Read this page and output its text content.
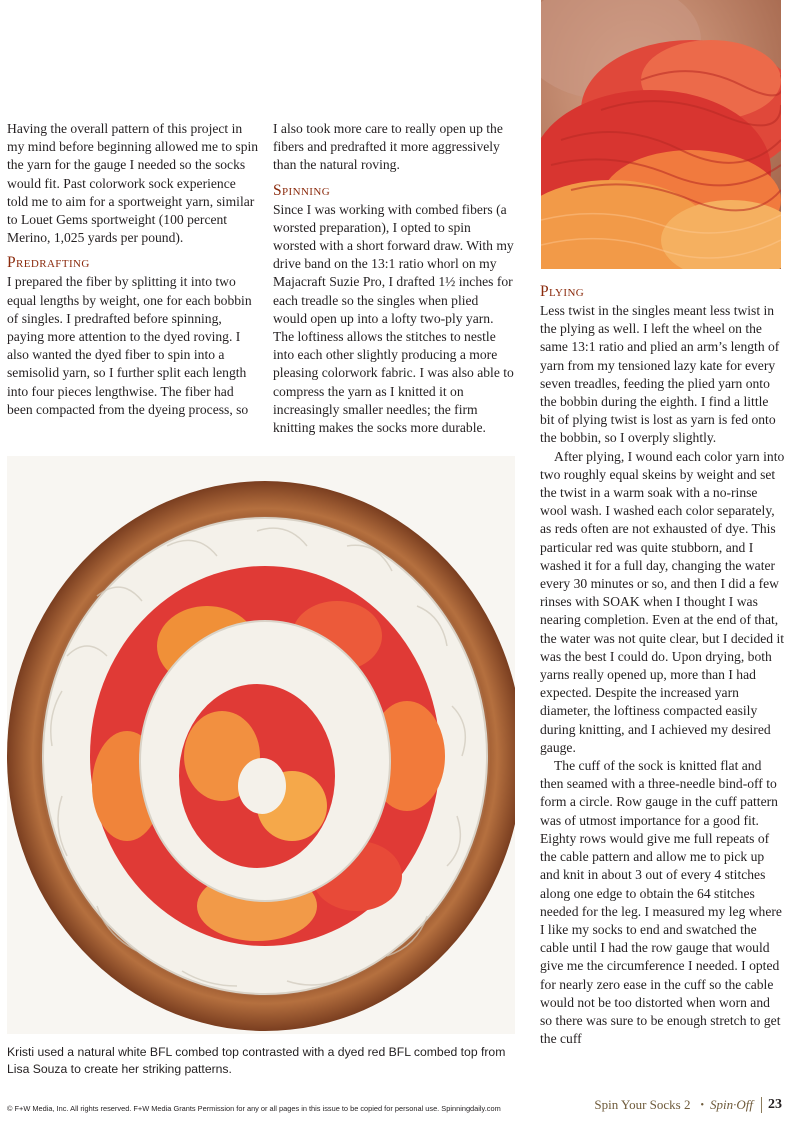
Having the overall pattern of this project in my mind before beginning allowed me to spin the yarn for the gauge I needed so the socks would fit. Past colorwork sock experience told me to aim for a sportweight yarn, similar to Louet Gems sportweight (100 percent Merino, 1,025 yards per pound).

Predrafting

I prepared the fiber by splitting it into two equal lengths by weight, one for each bobbin of singles. I predrafted before spinning, paying more attention to the dyed roving. I also wanted the dyed fiber to spin into a semisolid yarn, so I further split each length into four pieces lengthwise. The fiber had been compacted from the dyeing process, so

I also took more care to really open up the fibers and predrafted it more aggressively than the natural roving.

Spinning

Since I was working with combed fibers (a worsted preparation), I opted to spin worsted with a short forward draw. With my drive band on the 13:1 ratio whorl on my Majacraft Suzie Pro, I drafted 1½ inches for each treadle so the singles when plied would open up into a lofty two-ply yarn. The loftiness allows the stitches to nestle into each other slightly producing a more pleasing colorwork fabric. I was also able to compress the yarn as I knitted it on increasingly smaller needles; the firm knitting makes the socks more durable.

Plying

Less twist in the singles meant less twist in the plying as well. I left the wheel on the same 13:1 ratio and plied an arm’s length of yarn from my tensioned lazy kate for every seven treadles, feeding the plied yarn onto the bobbin during the eighth. I find a little bit of plying twist is lost as yarn is fed onto the bobbin, so I overply slightly.

After plying, I wound each color yarn into two roughly equal skeins by weight and set the twist in a warm soak with a no-rinse wool wash. I washed each color separately, as reds often are not exhausted of dye. This particular red was quite stubborn, and I washed it for a full day, changing the water every 30 minutes or so, and then I did a few rinses with SOAK when I thought I was nearing completion. Even at the end of that, the water was not quite clear, but I decided it was the best I could do. Upon drying, both yarns really opened up, more than I had expected. Despite the increased yarn diameter, the loftiness compacted easily during knitting, and I achieved my desired gauge.

The cuff of the sock is knitted flat and then seamed with a three-needle bind-off to form a circle. Row gauge in the cuff pattern was of utmost importance for a good fit. Eighty rows would give me full repeats of the cable pattern and allow me to pick up and knit in about 3 out of every 4 stitches along one edge to obtain the 64 stitches needed for the leg. I measured my leg where I like my socks to end and swatched the cable until I had the row gauge that would give me the circumference I needed. I opted for nearly zero ease in the cuff so the cable would not be too distorted when worn and so there was sure to be enough stretch to get the cuff

Kristi used a natural white BFL combed top contrasted with a dyed red BFL combed top from Lisa Souza to create her striking patterns.
© F+W Media, Inc. All rights reserved. F+W Media Grants Permission for any or all pages in this issue to be copied for personal use. Spinningdaily.com	Spin Your Socks 2 • Spin·Off	23
